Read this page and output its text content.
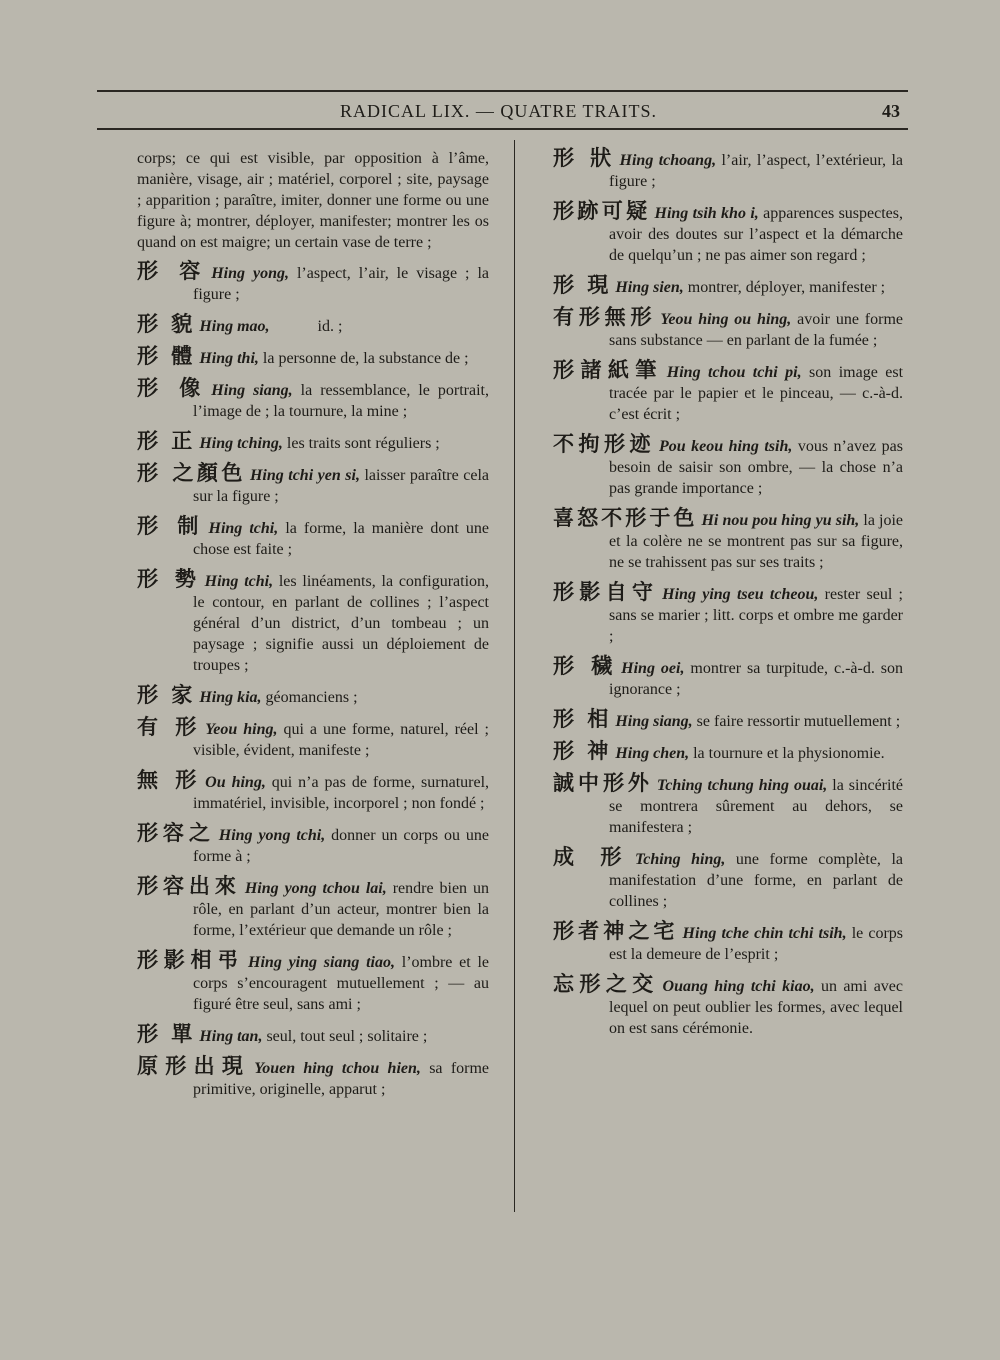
RADICAL LIX. — QUATRE TRAITS.	43

corps; ce qui est visible, par opposition à l’âme, manière, visage, air ; matériel, corporel ; site, paysage ; apparition ; paraître, imiter, donner une forme ou une figure à; montrer, déployer, manifester; montrer les os quand on est maigre; un certain vase de terre ;

形 容 Hing yong, l’aspect, l’air, le visage ; la figure ;

形 貌 Hing mao,            id. ;

形 體 Hing thi, la personne de, la substance de ;

形 像 Hing siang, la ressemblance, le portrait, l’image de ; la tournure, la mine ;

形 正 Hing tching, les traits sont réguliers ;

形 之顏色 Hing tchi yen si, laisser paraître cela sur la figure ;

形 制 Hing tchi, la forme, la manière dont une chose est faite ;

形 勢 Hing tchi, les linéaments, la configuration, le contour, en parlant de collines ; l’aspect général d’un district, d’un tombeau ; un paysage ; signifie aussi un déploiement de troupes ;

形 家 Hing kia, géomanciens ;

有 形 Yeou hing, qui a une forme, naturel, réel ; visible, évident, manifeste ;

無 形 Ou hing, qui n’a pas de forme, surnaturel, immatériel, invisible, incorporel ; non fondé ;

形容之 Hing yong tchi, donner un corps ou une forme à ;

形容出來 Hing yong tchou lai, rendre bien un rôle, en parlant d’un acteur, montrer bien la forme, l’extérieur que demande un rôle ;

形影相弔 Hing ying siang tiao, l’ombre et le corps s’encouragent mutuellement ; — au figuré être seul, sans ami ;

形 單 Hing tan, seul, tout seul ; solitaire ;

原形出現 Youen hing tchou hien, sa forme primitive, originelle, apparut ;

形 狀 Hing tchoang, l’air, l’aspect, l’extérieur, la figure ;

形跡可疑 Hing tsih kho i, apparences suspectes, avoir des doutes sur l’aspect et la démarche de quelqu’un ; ne pas aimer son regard ;

形 現 Hing sien, montrer, déployer, manifester ;

有形無形 Yeou hing ou hing, avoir une forme sans substance — en parlant de la fumée ;

形諸紙筆 Hing tchou tchi pi, son image est tracée par le papier et le pinceau, — c.-à-d. c’est écrit ;

不拘形迹 Pou keou hing tsih, vous n’avez pas besoin de saisir son ombre, — la chose n’a pas grande importance ;

喜怒不形于色 Hi nou pou hing yu sih, la joie et la colère ne se montrent pas sur sa figure, ne se trahissent pas sur ses traits ;

形影自守 Hing ying tseu tcheou, rester seul ; sans se marier ; litt. corps et ombre me garder ;

形 穢 Hing oei, montrer sa turpitude, c.-à-d. son ignorance ;

形 相 Hing siang, se faire ressortir mutuellement ;

形 神 Hing chen, la tournure et la physionomie.

誠中形外 Tching tchung hing ouai, la sincérité se montrera sûrement au dehors, se manifestera ;

成 形 Tching hing, une forme complète, la manifestation d’une forme, en parlant de collines ;

形者神之宅 Hing tche chin tchi tsih, le corps est la demeure de l’esprit ;

忘形之交 Ouang hing tchi kiao, un ami avec lequel on peut oublier les formes, avec lequel on est sans cérémonie.
